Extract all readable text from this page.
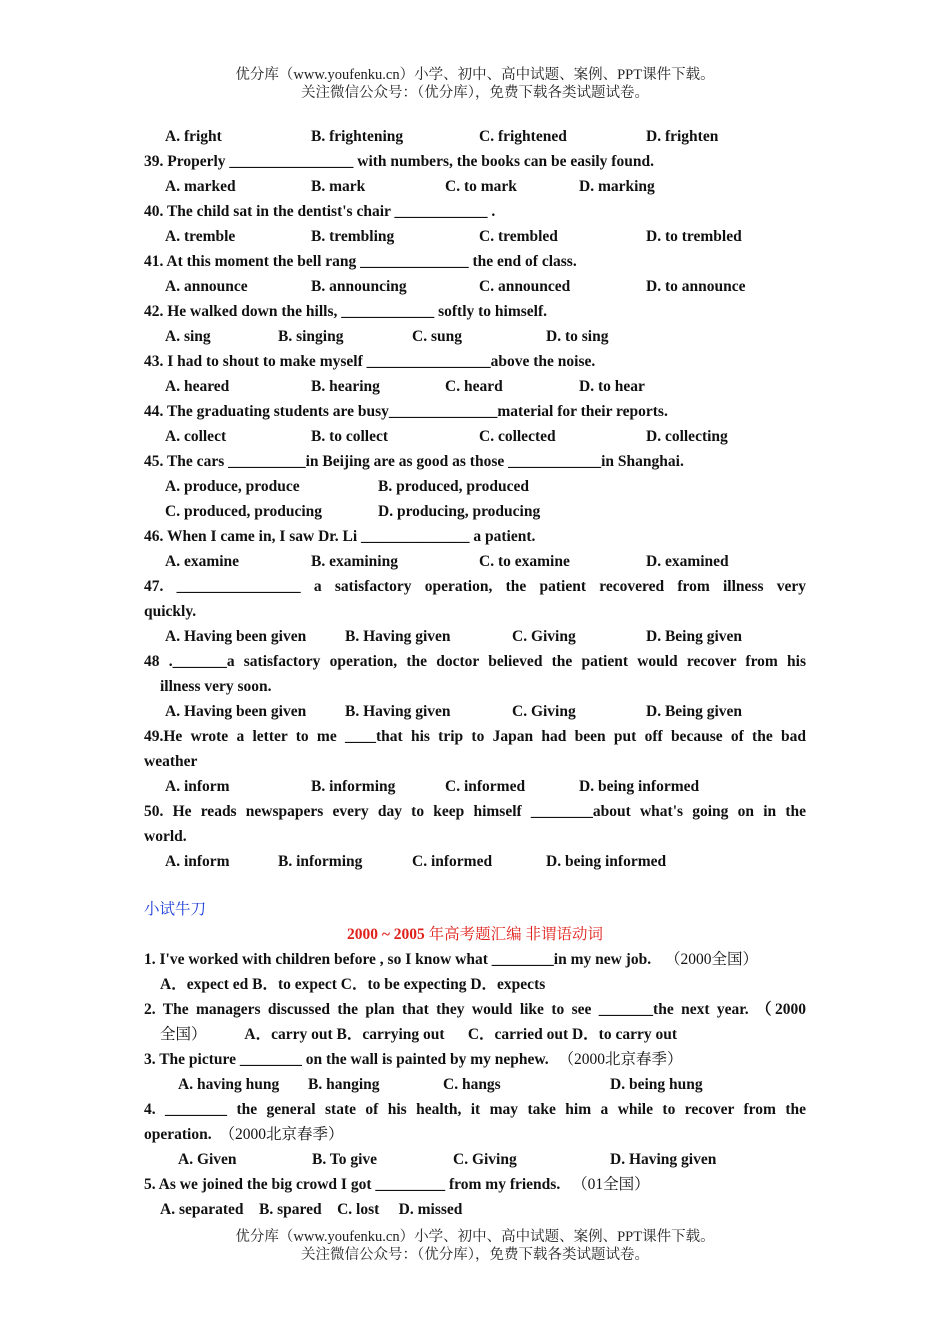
优分库（www.youfenku.cn）小学、初中、高中试题、案例、PPT课件下载。
关注微信公众号：（优分库），免费下载各类试题试卷。
A. fright	B. frightening	C. frightened	D. frighten
39. Properly ________________ with numbers, the books can be easily found.
A. marked	B. mark	C. to mark	D. marking
40. The child sat in the dentist's chair ____________ .
A. tremble	B. trembling	C. trembled	D. to trembled
41. At this moment the bell rang ______________ the end of class.
A. announce	B. announcing	C. announced	D. to announce
42. He walked down the hills, ____________ softly to himself.
A. sing	B. singing	C. sung	D. to sing
43. I had to shout to make myself ________________above the noise.
A. heared	B. hearing	C. heard	D. to hear
44. The graduating students are busy______________material for their reports.
A. collect	B. to collect	C. collected	D. collecting
45. The cars __________in Beijing are as good as those ____________in Shanghai.
A. produce, produce	B. produced, produced
C. produced, producing	D. producing, producing
46. When I came in, I saw Dr. Li ______________ a patient.
A. examine	B. examining	C. to examine	D. examined
47. ________________ a satisfactory operation, the patient recovered from illness very
quickly.
A. Having been given	B. Having given	C. Giving	D. Being given
48 ._______a satisfactory operation, the doctor believed the patient would recover from his
illness very soon.
A. Having been given	B. Having given	C. Giving	D. Being given
49.He wrote a letter to me ____that his trip to Japan had been put off because of the bad
weather
A. inform	B. informing	C. informed	D. being informed
50. He reads newspapers every day to keep himself ________about what's going on in the
world.
A. inform	B. informing	C. informed	D. being informed
小试牛刀
2000 ~ 2005 年高考题汇编 非谓语动词
1. I've worked with children before , so I know what ________in my new job. （2000全国）
A．expect ed B．to expect C．to be expecting D．expects
2. The managers discussed the plan that they would like to see _______the next year. （2000
全国） A．carry out B．carrying out      C．carried out D．to carry out
3. The picture ________ on the wall is painted by my nephew. （2000北京春季）
A. having hung B. hanging	C. hangs	D. being hung
4. ________ the general state of his health, it may take him a while to recover from the
operation. （2000北京春季）
A. Given	B. To give	C. Giving	D. Having given
5. As we joined the big crowd I got _________ from my friends. （01全国）
A. separated    B. spared    C. lost     D. missed
优分库（www.youfenku.cn）小学、初中、高中试题、案例、PPT课件下载。
关注微信公众号：（优分库），免费下载各类试题试卷。
